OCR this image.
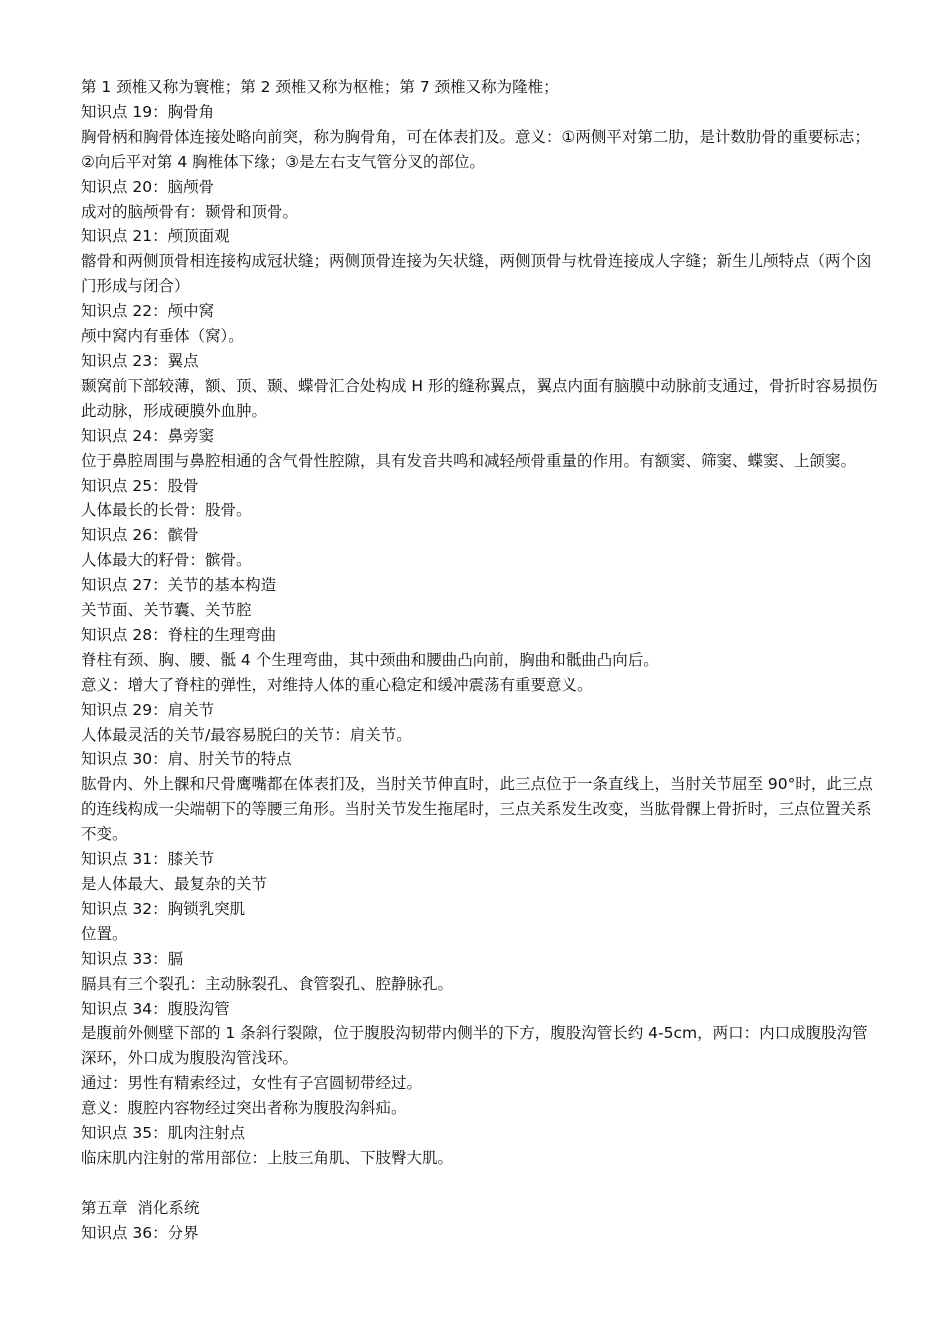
第 1 颈椎又称为寰椎；第 2 颈椎又称为枢椎；第 7 颈椎又称为隆椎；

知识点 19：胸骨角

胸骨柄和胸骨体连接处略向前突，称为胸骨角，可在体表扪及。意义：①两侧平对第二肋，是计数肋骨的重要标志；②向后平对第 4 胸椎体下缘；③是左右支气管分叉的部位。

知识点 20：脑颅骨

成对的脑颅骨有：颞骨和顶骨。

知识点 21：颅顶面观

髂骨和两侧顶骨相连接构成冠状缝；两侧顶骨连接为矢状缝，两侧顶骨与枕骨连接成人字缝；新生儿颅特点（两个囟门形成与闭合）

知识点 22：颅中窝

颅中窝内有垂体（窝）。

知识点 23：翼点

颞窝前下部较薄，额、顶、颞、蝶骨汇合处构成 H 形的缝称翼点，翼点内面有脑膜中动脉前支通过，骨折时容易损伤此动脉，形成硬膜外血肿。

知识点 24：鼻旁窦

位于鼻腔周围与鼻腔相通的含气骨性腔隙，具有发音共鸣和减轻颅骨重量的作用。有额窦、筛窦、蝶窦、上颌窦。

知识点 25：股骨

人体最长的长骨：股骨。

知识点 26：髌骨

人体最大的籽骨：髌骨。

知识点 27：关节的基本构造

关节面、关节囊、关节腔

知识点 28：脊柱的生理弯曲

脊柱有颈、胸、腰、骶 4 个生理弯曲，其中颈曲和腰曲凸向前，胸曲和骶曲凸向后。

意义：增大了脊柱的弹性，对维持人体的重心稳定和缓冲震荡有重要意义。

知识点 29：肩关节

人体最灵活的关节/最容易脱臼的关节：肩关节。

知识点 30：肩、肘关节的特点

肱骨内、外上髁和尺骨鹰嘴都在体表扪及，当肘关节伸直时，此三点位于一条直线上，当肘关节屈至 90°时，此三点的连线构成一尖端朝下的等腰三角形。当肘关节发生拖尾时，三点关系发生改变，当肱骨髁上骨折时，三点位置关系不变。

知识点 31：膝关节

是人体最大、最复杂的关节

知识点 32：胸锁乳突肌

位置。

知识点 33：膈

膈具有三个裂孔：主动脉裂孔、食管裂孔、腔静脉孔。

知识点 34：腹股沟管

是腹前外侧壁下部的 1 条斜行裂隙，位于腹股沟韧带内侧半的下方，腹股沟管长约 4-5cm，两口：内口成腹股沟管深环，外口成为腹股沟管浅环。

通过：男性有精索经过，女性有子宫圆韧带经过。

意义：腹腔内容物经过突出者称为腹股沟斜疝。

知识点 35：肌肉注射点

临床肌内注射的常用部位：上肢三角肌、下肢臀大肌。

第五章  消化系统

知识点 36：分界
